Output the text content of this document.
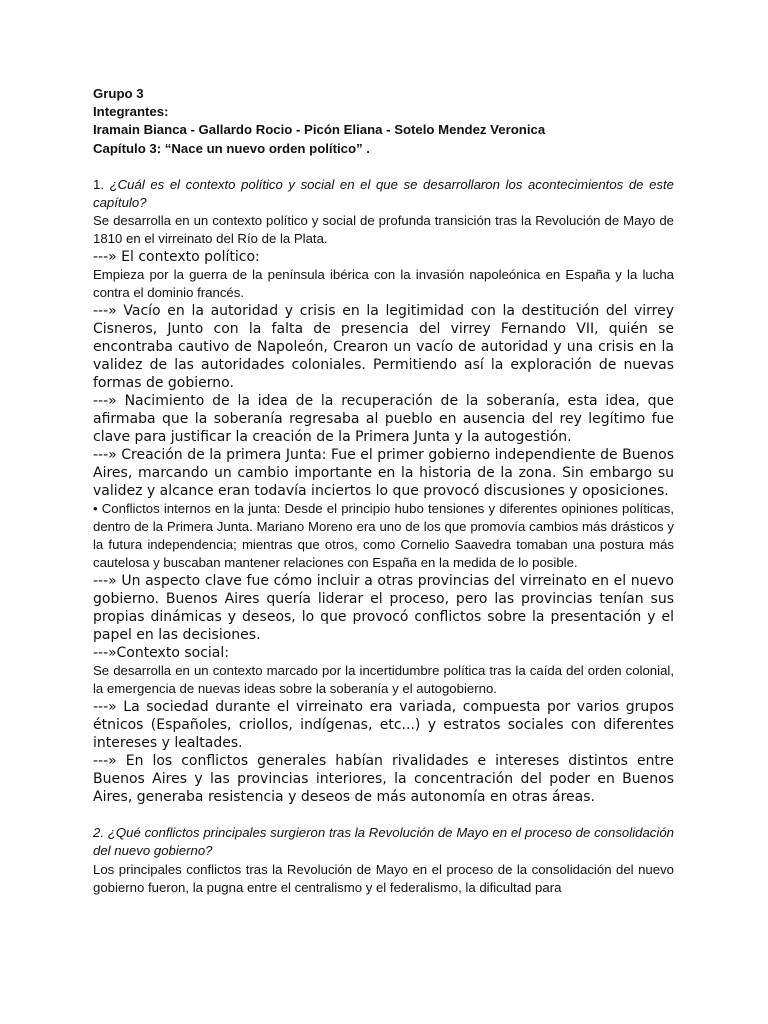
Grupo 3

Integrantes:

Iramain Bianca - Gallardo Rocio - Picón Eliana - Sotelo Mendez Veronica

Capítulo 3: “Nace un nuevo orden político” .

1. ¿Cuál es el contexto político y social en el que se desarrollaron los acontecimientos de este capítulo?

Se desarrolla en un contexto político y social de profunda transición tras la Revolución de Mayo de 1810 en el virreinato del Río de la Plata.

---» El contexto político:

Empieza por la guerra de la península ibérica con la invasión napoleónica en España y la lucha contra el dominio francés.

---» Vacío en la autoridad y crisis en la legitimidad con la destitución del virrey Cisneros, Junto con la falta de presencia del virrey Fernando VII, quién se encontraba cautivo de Napoleón, Crearon un vacío de autoridad y una crisis en la validez de las autoridades coloniales. Permitiendo así la exploración de nuevas formas de gobierno.

---» Nacimiento de la idea de la recuperación de la soberanía, esta idea, que afirmaba que la soberanía regresaba al pueblo en ausencia del rey legítimo fue clave para justificar la creación de la Primera Junta y la autogestión.

---» Creación de la primera Junta: Fue el primer gobierno independiente de Buenos Aires, marcando un cambio importante en la historia de la zona. Sin embargo su validez y alcance eran todavía inciertos lo que provocó discusiones y oposiciones.

• Conflictos internos en la junta: Desde el principio hubo tensiones y diferentes opiniones políticas, dentro de la Primera Junta. Mariano Moreno era uno de los que promovía cambios más drásticos y la futura independencia; mientras que otros, como Cornelio Saavedra tomaban una postura más cautelosa y buscaban mantener relaciones con España en la medida de lo posible.

---» Un aspecto clave fue cómo incluir a otras provincias del virreinato en el nuevo gobierno. Buenos Aires quería liderar el proceso, pero las provincias tenían sus propias dinámicas y deseos, lo que provocó conflictos sobre la presentación y el papel en las decisiones.

---»Contexto social:

Se desarrolla en un contexto marcado por la incertidumbre política tras la caída del orden colonial, la emergencia de nuevas ideas sobre la soberanía y el autogobierno.

---» La sociedad durante el virreinato era variada, compuesta por varios grupos étnicos (Españoles, criollos, indígenas, etc...) y estratos sociales con diferentes intereses y lealtades.

---» En los conflictos generales habían rivalidades e intereses distintos entre Buenos Aires y las provincias interiores, la concentración del poder en Buenos Aires, generaba resistencia y deseos de más autonomía en otras áreas.

2. ¿Qué conflictos principales surgieron tras la Revolución de Mayo en el proceso de consolidación del nuevo gobierno?

Los principales conflictos tras la Revolución de Mayo en el proceso de la consolidación del nuevo gobierno fueron, la pugna entre el centralismo y el federalismo, la dificultad para
